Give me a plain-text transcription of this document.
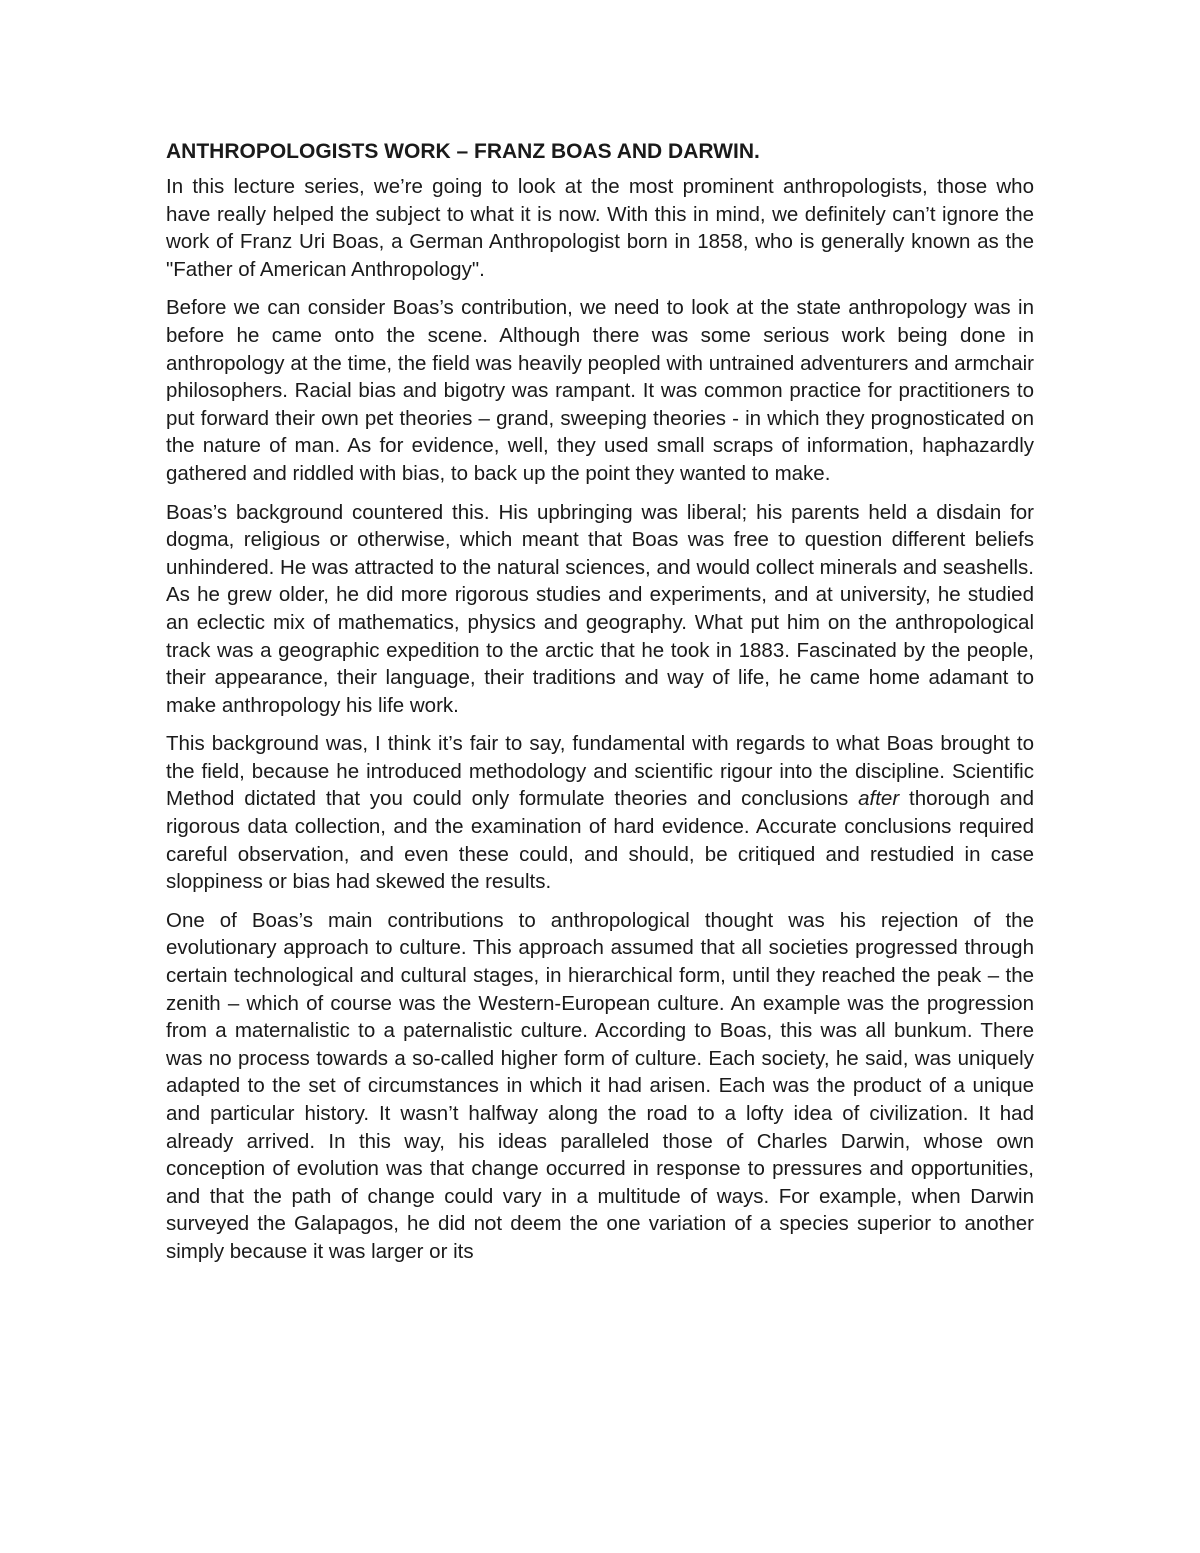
ANTHROPOLOGISTS WORK – FRANZ BOAS AND DARWIN.

In this lecture series, we’re going to look at the most prominent anthropologists, those who have really helped the subject to what it is now. With this in mind, we definitely can’t ignore the work of Franz Uri Boas, a German Anthropologist born in 1858, who is generally known as the "Father of American Anthropology".

Before we can consider Boas’s contribution, we need to look at the state anthropology was in before he came onto the scene. Although there was some serious work being done in anthropology at the time, the field was heavily peopled with untrained adventurers and armchair philosophers. Racial bias and bigotry was rampant. It was common practice for practitioners to put forward their own pet theories – grand, sweeping theories - in which they prognosticated on the nature of man. As for evidence, well, they used small scraps of information, haphazardly gathered and riddled with bias, to back up the point they wanted to make.

Boas’s background countered this. His upbringing was liberal; his parents held a disdain for dogma, religious or otherwise, which meant that Boas was free to question different beliefs unhindered. He was attracted to the natural sciences, and would collect minerals and seashells. As he grew older, he did more rigorous studies and experiments, and at university, he studied an eclectic mix of mathematics, physics and geography. What put him on the anthropological track was a geographic expedition to the arctic that he took in 1883. Fascinated by the people, their appearance, their language, their traditions and way of life, he came home adamant to make anthropology his life work.

This background was, I think it’s fair to say, fundamental with regards to what Boas brought to the field, because he introduced methodology and scientific rigour into the discipline. Scientific Method dictated that you could only formulate theories and conclusions after thorough and rigorous data collection, and the examination of hard evidence. Accurate conclusions required careful observation, and even these could, and should, be critiqued and restudied in case sloppiness or bias had skewed the results.

One of Boas’s main contributions to anthropological thought was his rejection of the evolutionary approach to culture. This approach assumed that all societies progressed through certain technological and cultural stages, in hierarchical form, until they reached the peak – the zenith – which of course was the Western-European culture. An example was the progression from a maternalistic to a paternalistic culture. According to Boas, this was all bunkum. There was no process towards a so-called higher form of culture. Each society, he said, was uniquely adapted to the set of circumstances in which it had arisen. Each was the product of a unique and particular history. It wasn’t halfway along the road to a lofty idea of civilization. It had already arrived. In this way, his ideas paralleled those of Charles Darwin, whose own conception of evolution was that change occurred in response to pressures and opportunities, and that the path of change could vary in a multitude of ways. For example, when Darwin surveyed the Galapagos, he did not deem the one variation of a species superior to another simply because it was larger or its
